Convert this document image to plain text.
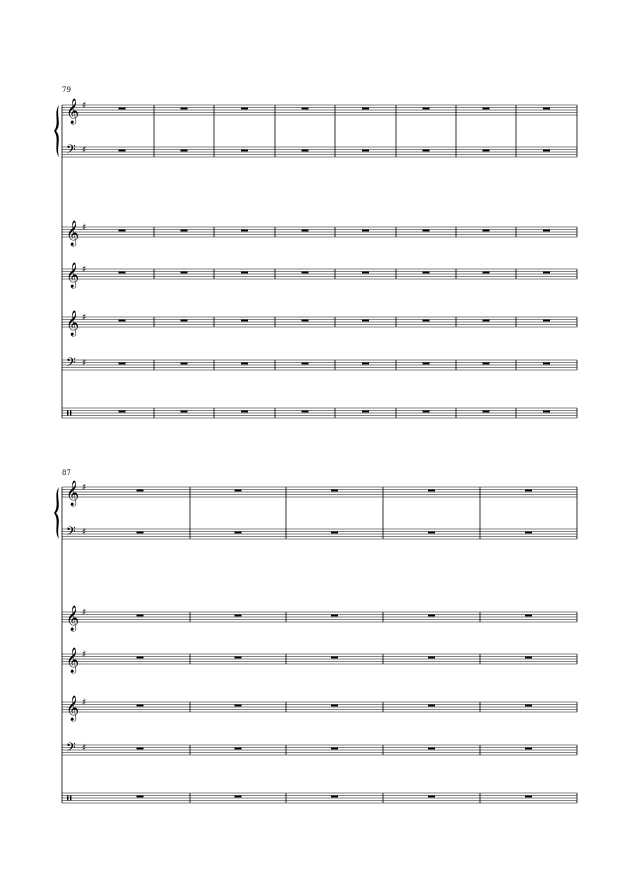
79
𝄞 ♯
𝄢 ♯
𝄞 ♯
𝄞 ♯
𝄞 ♯
𝄢 ♯
87
𝄞 ♯
𝄢 ♯
𝄞 ♯
𝄞 ♯
𝄞 ♯
𝄢 ♯
